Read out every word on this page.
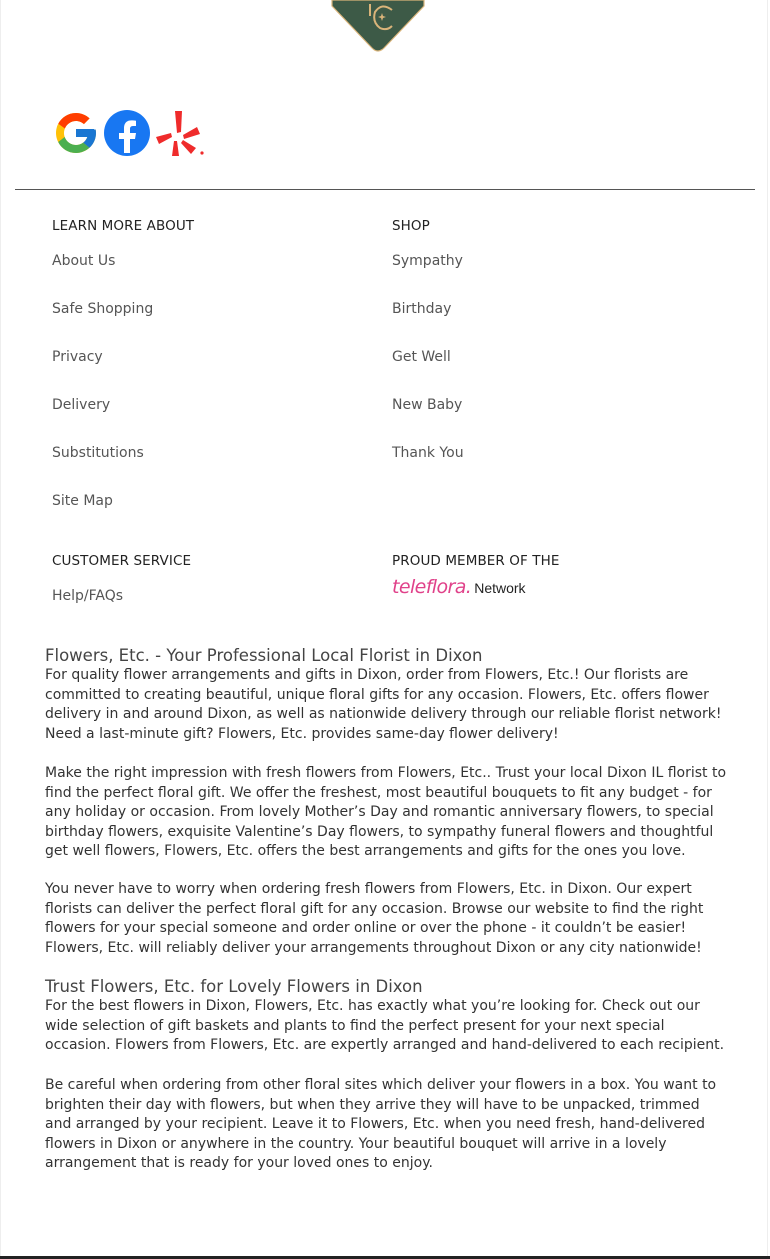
LEARN MORE ABOUT
About Us
Safe Shopping
Privacy
Delivery
Substitutions
Site Map
SHOP
Sympathy
Birthday
Get Well
New Baby
Thank You
CUSTOMER SERVICE
Help/FAQs
PROUD MEMBER OF THE
teleflora. Network
Flowers, Etc. - Your Professional Local Florist in Dixon

For quality flower arrangements and gifts in Dixon, order from Flowers, Etc.! Our florists are committed to creating beautiful, unique floral gifts for any occasion. Flowers, Etc. offers flower delivery in and around Dixon, as well as nationwide delivery through our reliable florist network! Need a last-minute gift? Flowers, Etc. provides same-day flower delivery!

Make the right impression with fresh flowers from Flowers, Etc.. Trust your local Dixon IL florist to find the perfect floral gift. We offer the freshest, most beautiful bouquets to fit any budget - for any holiday or occasion. From lovely Mother’s Day and romantic anniversary flowers, to special birthday flowers, exquisite Valentine’s Day flowers, to sympathy funeral flowers and thoughtful get well flowers, Flowers, Etc. offers the best arrangements and gifts for the ones you love.

You never have to worry when ordering fresh flowers from Flowers, Etc. in Dixon. Our expert florists can deliver the perfect floral gift for any occasion. Browse our website to find the right flowers for your special someone and order online or over the phone - it couldn’t be easier! Flowers, Etc. will reliably deliver your arrangements throughout Dixon or any city nationwide!

Trust Flowers, Etc. for Lovely Flowers in Dixon

For the best flowers in Dixon, Flowers, Etc. has exactly what you’re looking for. Check out our wide selection of gift baskets and plants to find the perfect present for your next special occasion. Flowers from Flowers, Etc. are expertly arranged and hand-delivered to each recipient.

Be careful when ordering from other floral sites which deliver your flowers in a box. You want to brighten their day with flowers, but when they arrive they will have to be unpacked, trimmed and arranged by your recipient. Leave it to Flowers, Etc. when you need fresh, hand-delivered flowers in Dixon or anywhere in the country. Your beautiful bouquet will arrive in a lovely arrangement that is ready for your loved ones to enjoy.
